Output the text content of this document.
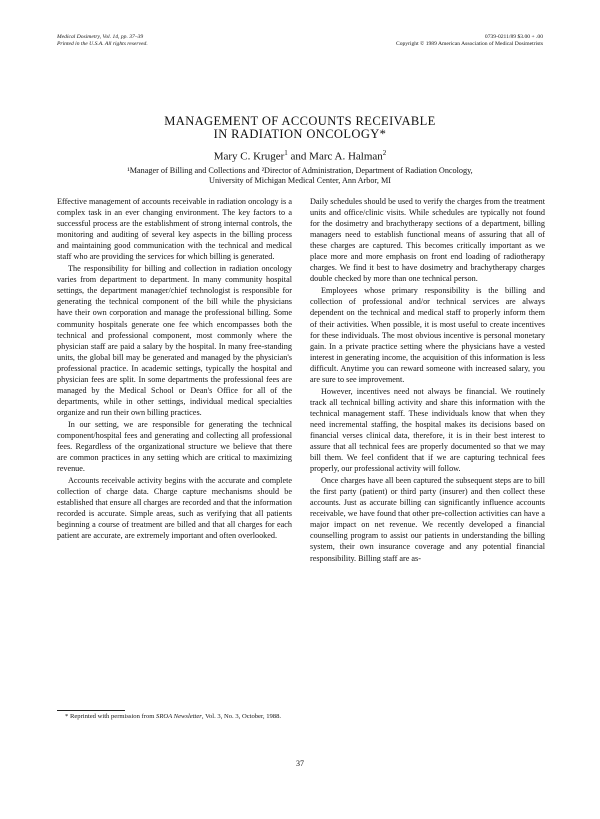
Medical Dosimetry, Vol. 14, pp. 37–39
Printed in the U.S.A. All rights reserved.
0739-0211/89 $3.00 + .00
Copyright © 1989 American Association of Medical Dosimetrists
MANAGEMENT OF ACCOUNTS RECEIVABLE
IN RADIATION ONCOLOGY*
Mary C. Kruger$^1$ and Marc A. Halman$^2$
¹Manager of Billing and Collections and ²Director of Administration, Department of Radiation Oncology,
University of Michigan Medical Center, Ann Arbor, MI

Effective management of accounts receivable in radiation oncology is a complex task in an ever changing environment. The key factors to a successful process are the establishment of strong internal controls, the monitoring and auditing of several key aspects in the billing process and maintaining good communication with the technical and medical staff who are providing the services for which billing is generated.

The responsibility for billing and collection in radiation oncology varies from department to department. In many community hospital settings, the department manager/chief technologist is responsible for generating the technical component of the bill while the physicians have their own corporation and manage the professional billing. Some community hospitals generate one fee which encompasses both the technical and professional component, most commonly where the physician staff are paid a salary by the hospital. In many free-standing units, the global bill may be generated and managed by the physician's professional practice. In academic settings, typically the hospital and physician fees are split. In some departments the professional fees are managed by the Medical School or Dean's Office for all of the departments, while in other settings, individual medical specialties organize and run their own billing practices.

In our setting, we are responsible for generating the technical component/hospital fees and generating and collecting all professional fees. Regardless of the organizational structure we believe that there are common practices in any setting which are critical to maximizing revenue.

Accounts receivable activity begins with the accurate and complete collection of charge data. Charge capture mechanisms should be established that ensure all charges are recorded and that the information recorded is accurate. Simple areas, such as verifying that all patients beginning a course of treatment are billed and that all charges for each patient are accurate, are extremely important and often overlooked.

Daily schedules should be used to verify the charges from the treatment units and office/clinic visits. While schedules are typically not found for the dosimetry and brachytherapy sections of a department, billing managers need to establish functional means of assuring that all of these charges are captured. This becomes critically important as we place more and more emphasis on front end loading of radiotherapy charges. We find it best to have dosimetry and brachytherapy charges double checked by more than one technical person.

Employees whose primary responsibility is the billing and collection of professional and/or technical services are always dependent on the technical and medical staff to properly inform them of their activities. When possible, it is most useful to create incentives for these individuals. The most obvious incentive is personal monetary gain. In a private practice setting where the physicians have a vested interest in generating income, the acquisition of this information is less difficult. Anytime you can reward someone with increased salary, you are sure to see improvement.

However, incentives need not always be financial. We routinely track all technical billing activity and share this information with the technical management staff. These individuals know that when they need incremental staffing, the hospital makes its decisions based on financial verses clinical data, therefore, it is in their best interest to assure that all technical fees are properly documented so that we may bill them. We feel confident that if we are capturing technical fees properly, our professional activity will follow.

Once charges have all been captured the subsequent steps are to bill the first party (patient) or third party (insurer) and then collect these accounts. Just as accurate billing can significantly influence accounts receivable, we have found that other pre-collection activities can have a major impact on net revenue. We recently developed a financial counselling program to assist our patients in understanding the billing system, their own insurance coverage and any potential financial responsibility. Billing staff are as-

* Reprinted with permission from SROA Newsletter, Vol. 3, No. 3, October, 1988.
37
